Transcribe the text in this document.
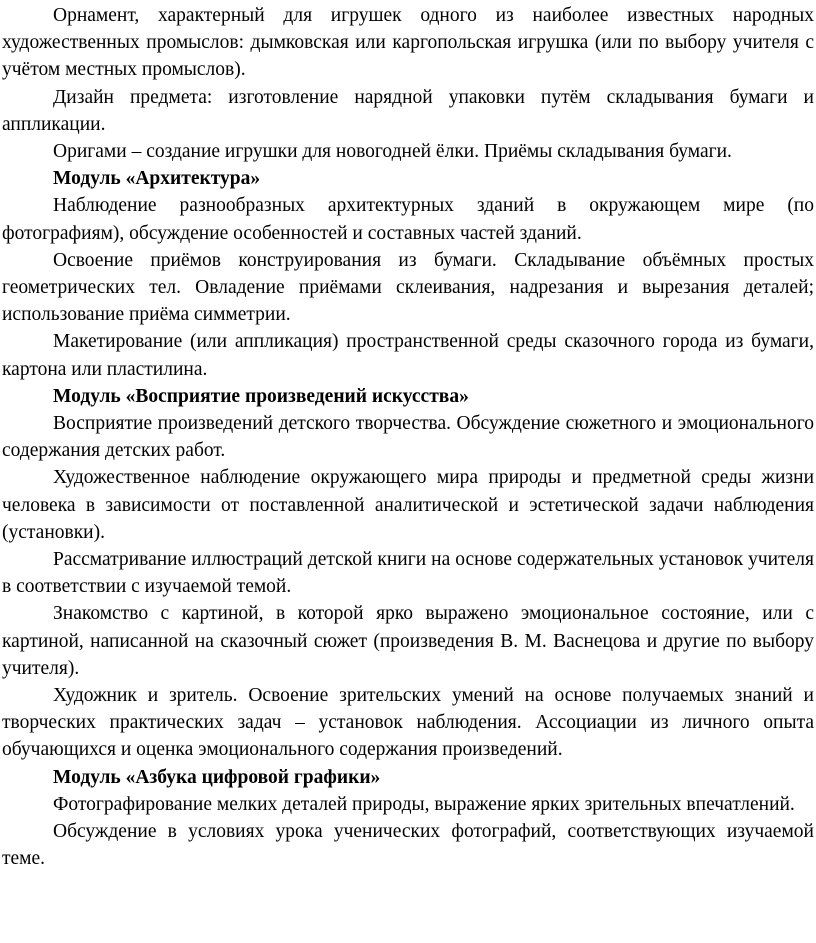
Орнамент, характерный для игрушек одного из наиболее известных народных художественных промыслов: дымковская или каргопольская игрушка (или по выбору учителя с учётом местных промыслов).

Дизайн предмета: изготовление нарядной упаковки путём складывания бумаги и аппликации.

Оригами – создание игрушки для новогодней ёлки. Приёмы складывания бумаги.

Модуль «Архитектура»

Наблюдение разнообразных архитектурных зданий в окружающем мире (по фотографиям), обсуждение особенностей и составных частей зданий.

Освоение приёмов конструирования из бумаги. Складывание объёмных простых геометрических тел. Овладение приёмами склеивания, надрезания и вырезания деталей; использование приёма симметрии.

Макетирование (или аппликация) пространственной среды сказочного города из бумаги, картона или пластилина.

Модуль «Восприятие произведений искусства»

Восприятие произведений детского творчества. Обсуждение сюжетного и эмоционального содержания детских работ.

Художественное наблюдение окружающего мира природы и предметной среды жизни человека в зависимости от поставленной аналитической и эстетической задачи наблюдения (установки).

Рассматривание иллюстраций детской книги на основе содержательных установок учителя в соответствии с изучаемой темой.

Знакомство с картиной, в которой ярко выражено эмоциональное состояние, или с картиной, написанной на сказочный сюжет (произведения В. М. Васнецова и другие по выбору учителя).

Художник и зритель. Освоение зрительских умений на основе получаемых знаний и творческих практических задач – установок наблюдения. Ассоциации из личного опыта обучающихся и оценка эмоционального содержания произведений.

Модуль «Азбука цифровой графики»

Фотографирование мелких деталей природы, выражение ярких зрительных впечатлений.

Обсуждение в условиях урока ученических фотографий, соответствующих изучаемой теме.
